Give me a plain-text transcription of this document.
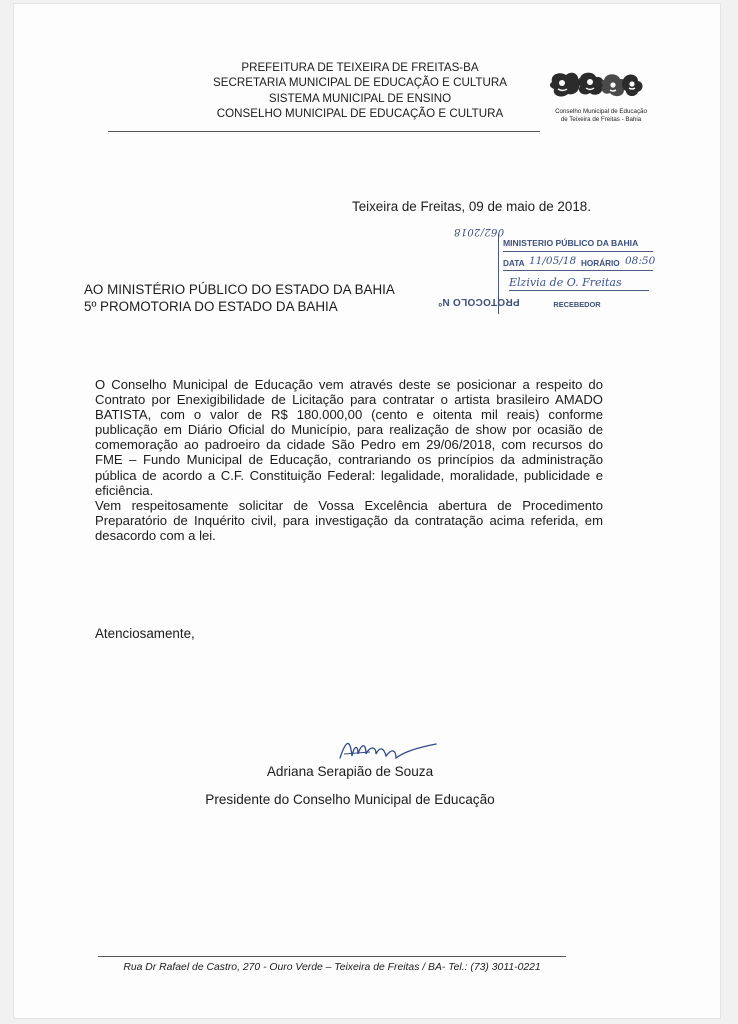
PREFEITURA DE TEIXEIRA DE FREITAS-BA
SECRETARIA MUNICIPAL DE EDUCAÇÃO E CULTURA
SISTEMA MUNICIPAL DE ENSINO
CONSELHO MUNICIPAL DE EDUCAÇÃO E CULTURA	Conselho Municipal de Educação
de Teixeira de Freitas - Bahia
Teixeira de Freitas, 09 de maio de 2018.
AO MINISTÉRIO PÚBLICO DO ESTADO DA BAHIA
5º PROMOTORIA DO ESTADO DA BAHIA	PROTOCOLO Nº062/2018
MINISTERIO PÚBLICO DA BAHIA
DATA 11/05/18 HORÁRIO 08:50
Elzivia de O. Freitas
RECEBEDOR

O Conselho Municipal de Educação vem através deste se posicionar a respeito do Contrato por Enexigibilidade de Licitação para contratar o artista brasileiro AMADO BATISTA, com o valor de R$ 180.000,00 (cento e oitenta mil reais) conforme publicação em Diário Oficial do Município, para realização de show por ocasião de comemoração ao padroeiro da cidade São Pedro em 29/06/2018, com recursos do FME – Fundo Municipal de Educação, contrariando os princípios da administração pública de acordo a C.F. Constituição Federal: legalidade, moralidade, publicidade e eficiência.

Vem respeitosamente solicitar de Vossa Excelência abertura de Procedimento Preparatório de Inquérito civil, para investigação da contratação acima referida, em desacordo com a lei.

Atenciosamente,
Adriana Serapião de Souza
Presidente do Conselho Municipal de Educação
Rua Dr Rafael de Castro, 270 - Ouro Verde – Teixeira de Freitas / BA- Tel.: (73) 3011-0221
